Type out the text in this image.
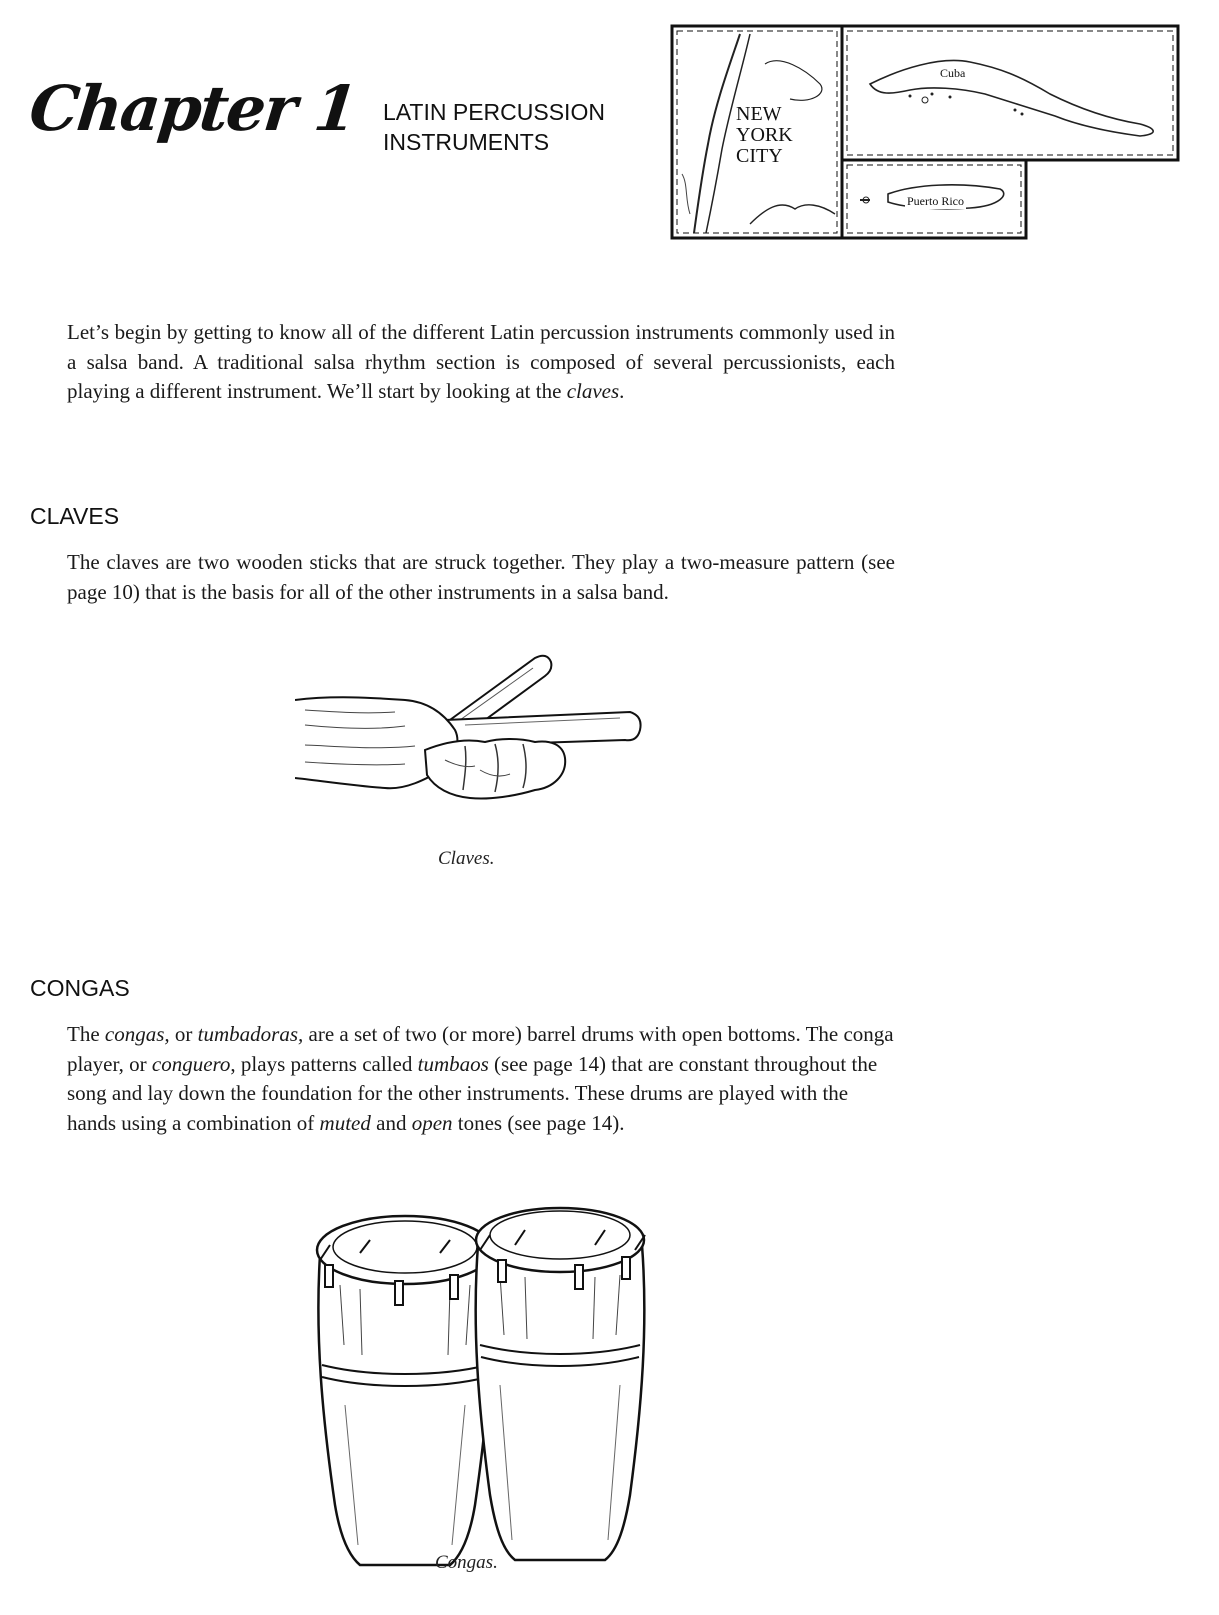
Chapter 1 LATIN PERCUSSION
INSTRUMENTS
NEW
YORK
CITY
Cuba
Puerto Rico

Let’s begin by getting to know all of the different Latin percussion instruments commonly used in a salsa band. A traditional salsa rhythm section is composed of several percussionists, each playing a different instrument. We’ll start by looking at the claves.

CLAVES

The claves are two wooden sticks that are struck together. They play a two-measure pattern (see page 10) that is the basis for all of the other instruments in a salsa band.

Claves.
CONGAS

The congas, or tumbadoras, are a set of two (or more) barrel drums with open bottoms. The conga player, or conguero, plays patterns called tumbaos (see page 14) that are constant throughout the song and lay down the foundation for the other instruments. These drums are played with the hands using a combination of muted and open tones (see page 14).

Congas.
